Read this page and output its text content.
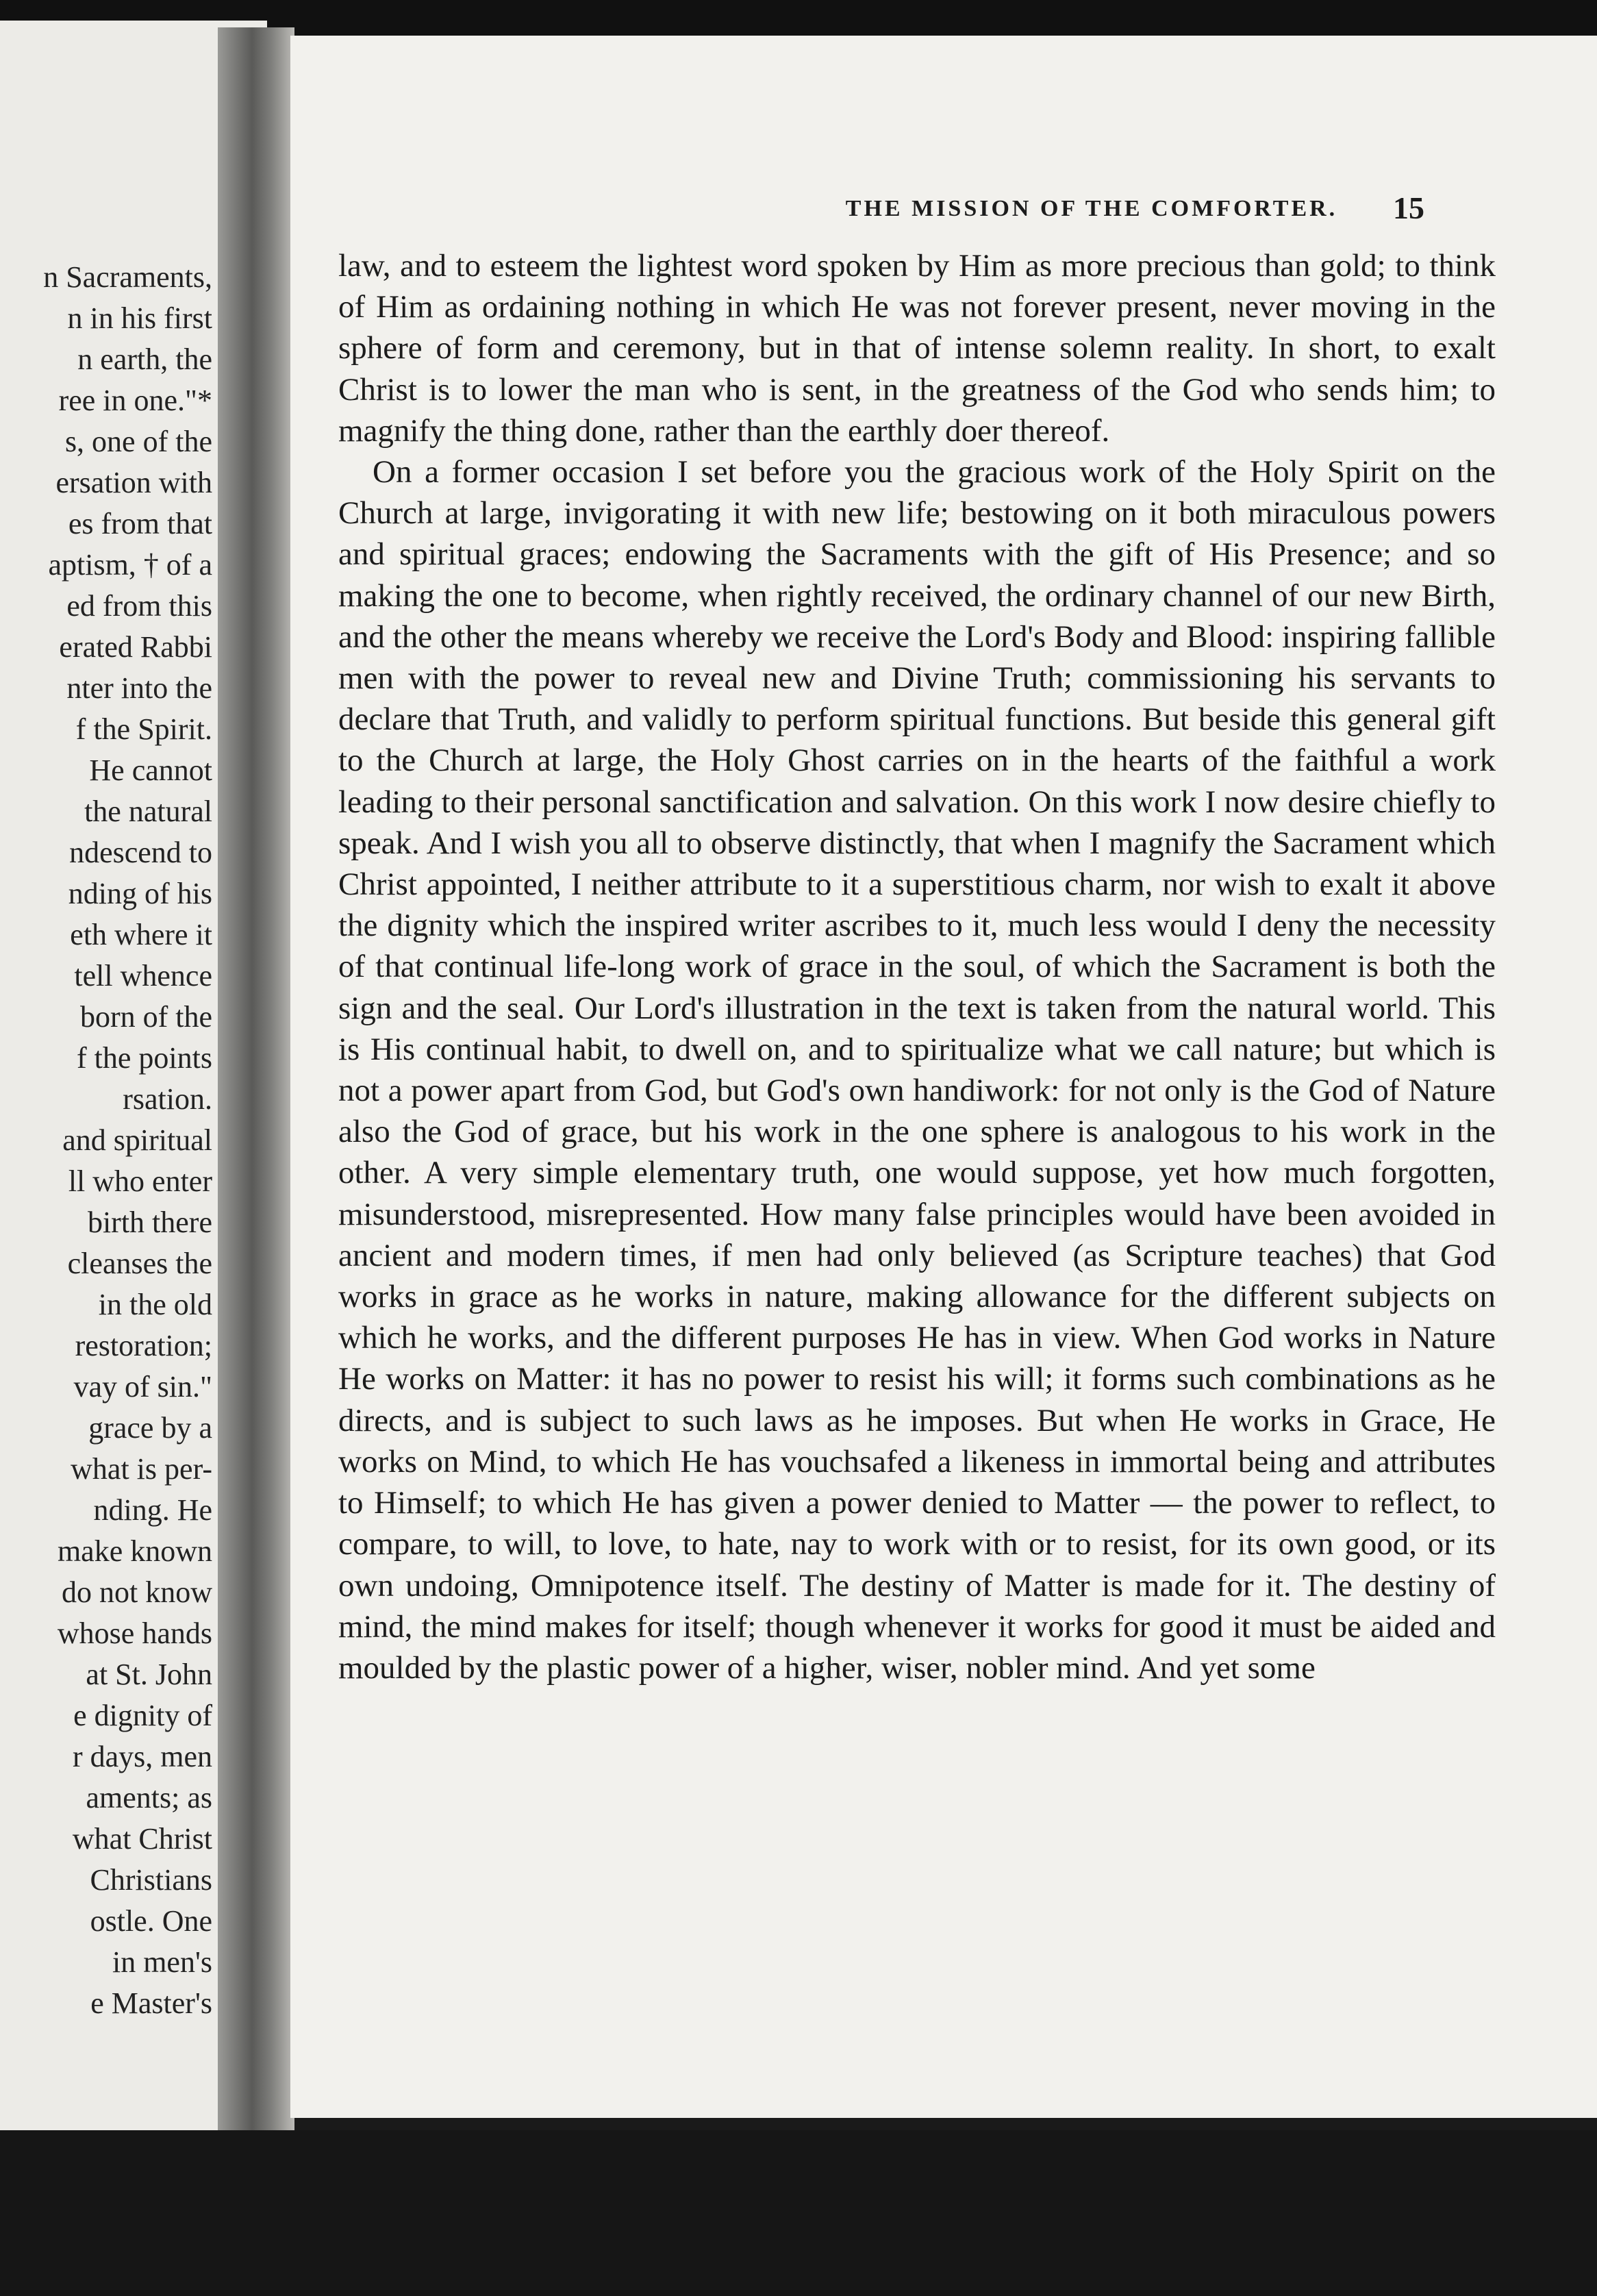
n Sacraments,
n in his first
n earth, the
ree in one."*
s, one of the
ersation with
es from that
aptism, † of a
ed from this
erated Rabbi
nter into the
f the Spirit.
He cannot
the natural
ndescend to
nding of his
eth where it
tell whence
born of the
f the points
rsation.
and spiritual
ll who enter
birth there
cleanses the
in the old
restoration;
vay of sin."
grace by a
what is per-
nding. He
make known
do not know
whose hands
at St. John
e dignity of
r days, men
aments; as
what Christ
Christians
ostle. One
in men's
e Master's
THE MISSION OF THE COMFORTER.	15

law, and to esteem the lightest word spoken by Him as more precious than gold; to think of Him as ordaining nothing in which He was not forever present, never moving in the sphere of form and ceremony, but in that of intense solemn reality. In short, to exalt Christ is to lower the man who is sent, in the greatness of the God who sends him; to magnify the thing done, rather than the earthly doer thereof.

On a former occasion I set before you the gracious work of the Holy Spirit on the Church at large, invigorating it with new life; bestowing on it both miraculous powers and spiritual graces; endowing the Sacraments with the gift of His Presence; and so making the one to become, when rightly received, the ordinary channel of our new Birth, and the other the means whereby we receive the Lord's Body and Blood: inspiring fallible men with the power to reveal new and Divine Truth; commissioning his servants to declare that Truth, and validly to perform spiritual functions. But beside this general gift to the Church at large, the Holy Ghost carries on in the hearts of the faithful a work leading to their personal sanctification and salvation. On this work I now desire chiefly to speak. And I wish you all to observe distinctly, that when I magnify the Sacrament which Christ appointed, I neither attribute to it a superstitious charm, nor wish to exalt it above the dignity which the inspired writer ascribes to it, much less would I deny the necessity of that continual life-long work of grace in the soul, of which the Sacrament is both the sign and the seal. Our Lord's illustration in the text is taken from the natural world. This is His continual habit, to dwell on, and to spiritualize what we call nature; but which is not a power apart from God, but God's own handiwork: for not only is the God of Nature also the God of grace, but his work in the one sphere is analogous to his work in the other. A very simple elementary truth, one would suppose, yet how much forgotten, misunderstood, misrepresented. How many false principles would have been avoided in ancient and modern times, if men had only believed (as Scripture teaches) that God works in grace as he works in nature, making allowance for the different subjects on which he works, and the different purposes He has in view. When God works in Nature He works on Matter: it has no power to resist his will; it forms such combinations as he directs, and is subject to such laws as he imposes. But when He works in Grace, He works on Mind, to which He has vouchsafed a likeness in immortal being and attributes to Himself; to which He has given a power denied to Matter — the power to reflect, to compare, to will, to love, to hate, nay to work with or to resist, for its own good, or its own undoing, Omnipotence itself. The destiny of Matter is made for it. The destiny of mind, the mind makes for itself; though whenever it works for good it must be aided and moulded by the plastic power of a higher, wiser, nobler mind. And yet some
